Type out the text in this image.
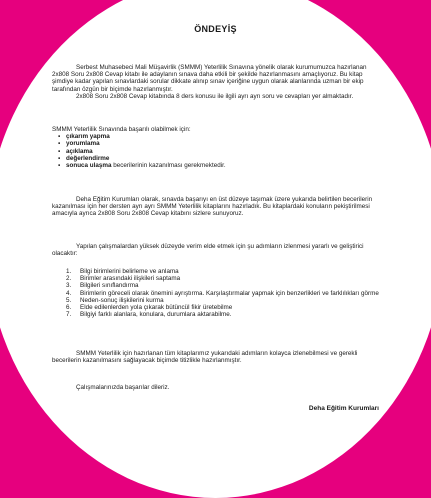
ÖNDEYİŞ

Serbest Muhasebeci Mali Müşavirlik (SMMM) Yeterlilik Sınavına yönelik olarak kurumumuzca hazırlanan 2x808 Soru 2x808 Cevap kitabı ile adaylanın sınava daha etkili bir şekilde hazırlanmasını amaçlıyoruz. Bu kitap şimdiye kadar yapılan sınavlardaki sorular dikkate alınıp sınav içeriğine uygun olarak alanlarında uzman bir ekip tarafından özgün bir biçimde hazırlanmıştır.

2x808 Soru 2x808 Cevap kitabında 8 ders konusu ile ilgili ayrı ayrı soru ve cevapları yer almaktadır.

SMMM Yeterlilik Sınavında başarılı olabilmek için:

▪ çıkarım yapma
▪ yorumlama
▪ açıklama
▪ değerlendirme
▪ sonuca ulaşma becerilerinin kazanılması gerekmektedir.

Deha Eğitim Kurumları olarak, sınavda başarıyı en üst düzeye taşımak üzere yukarıda belirtilen becerilerin kazanılması için her dersten ayrı ayrı SMMM Yeterlilik kitaplarını hazırladık. Bu kitaplardaki konuların pekiştirilmesi amacıyla ayrıca 2x808 Soru 2x808 Cevap kitabını sizlere sunuyoruz.

Yapılan çalışmalardan yüksek düzeyde verim elde etmek için şu adımların izlenmesi yararlı ve geliştirici olacaktır:

1. Bilgi birimlerini belirleme ve anlama
2. Birimler arasındaki ilişkileri saptama
3. Bilgileri sınıflandırma
4. Birimlerin göreceli olarak önemini ayrıştırma. Karşılaştırmalar yapmak için benzerlikleri ve farklılıkları görme
5. Neden-sonuç ilişkilerini kurma
6. Elde edilenlerden yola çıkarak bütüncül fikir üretebilme
7. Bilgiyi farklı alanlara, konulara, durumlara aktarabilme.

SMMM Yeterlilik için hazırlanan tüm kitaplarımız yukarıdaki adımların kolayca izlenebilmesi ve gerekli becerilerin kazanılmasını sağlayacak biçimde titizlikle hazırlanmıştır.

Çalışmalarınızda başarılar dileriz.

Deha Eğitim Kurumları
